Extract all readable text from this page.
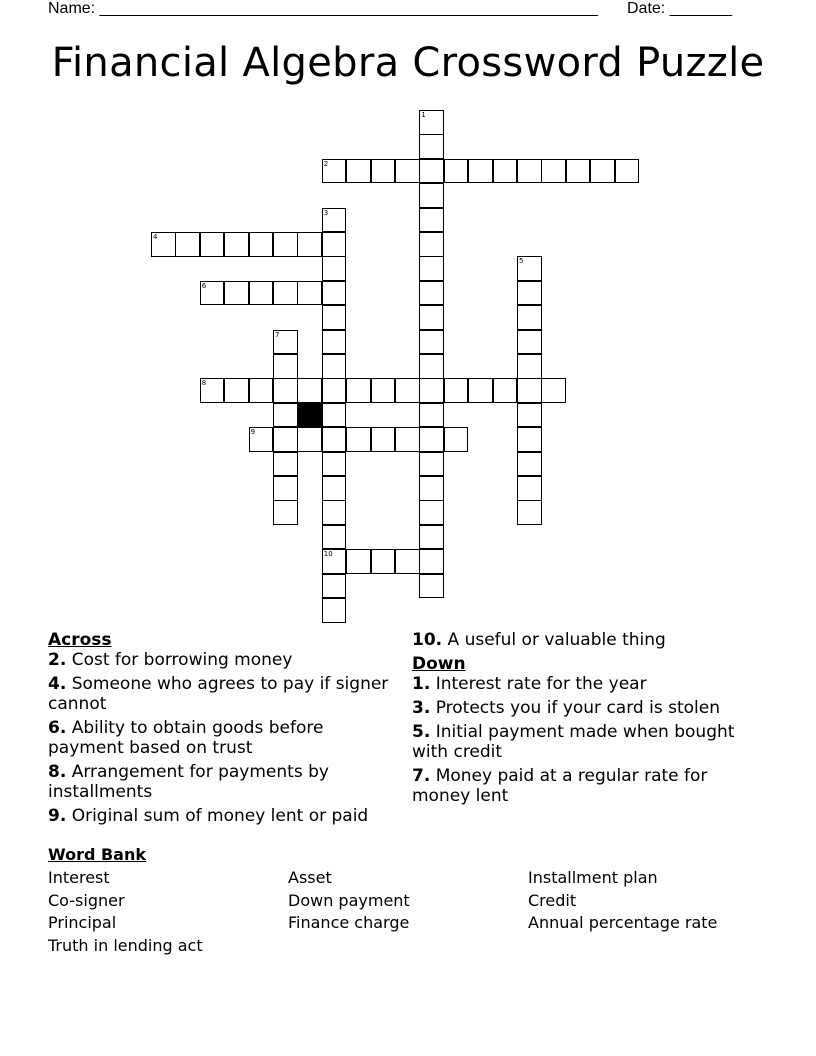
Name: ________________________________________________________ Date: _______
Financial Algebra Crossword Puzzle
1
2
3
10
4
5
6
7
8
9

Across

2. Cost for borrowing money

4. Someone who agrees to pay if signer cannot

6. Ability to obtain goods before payment based on trust

8. Arrangement for payments by installments

9. Original sum of money lent or paid

10. A useful or valuable thing

Down

1. Interest rate for the year

3. Protects you if your card is stolen

5. Initial payment made when bought with credit

7. Money paid at a regular rate for money lent

Word Bank

Interest	Asset	Installment plan
Co-signer	Down payment	Credit
Principal	Finance charge	Annual percentage rate
Truth in lending act
